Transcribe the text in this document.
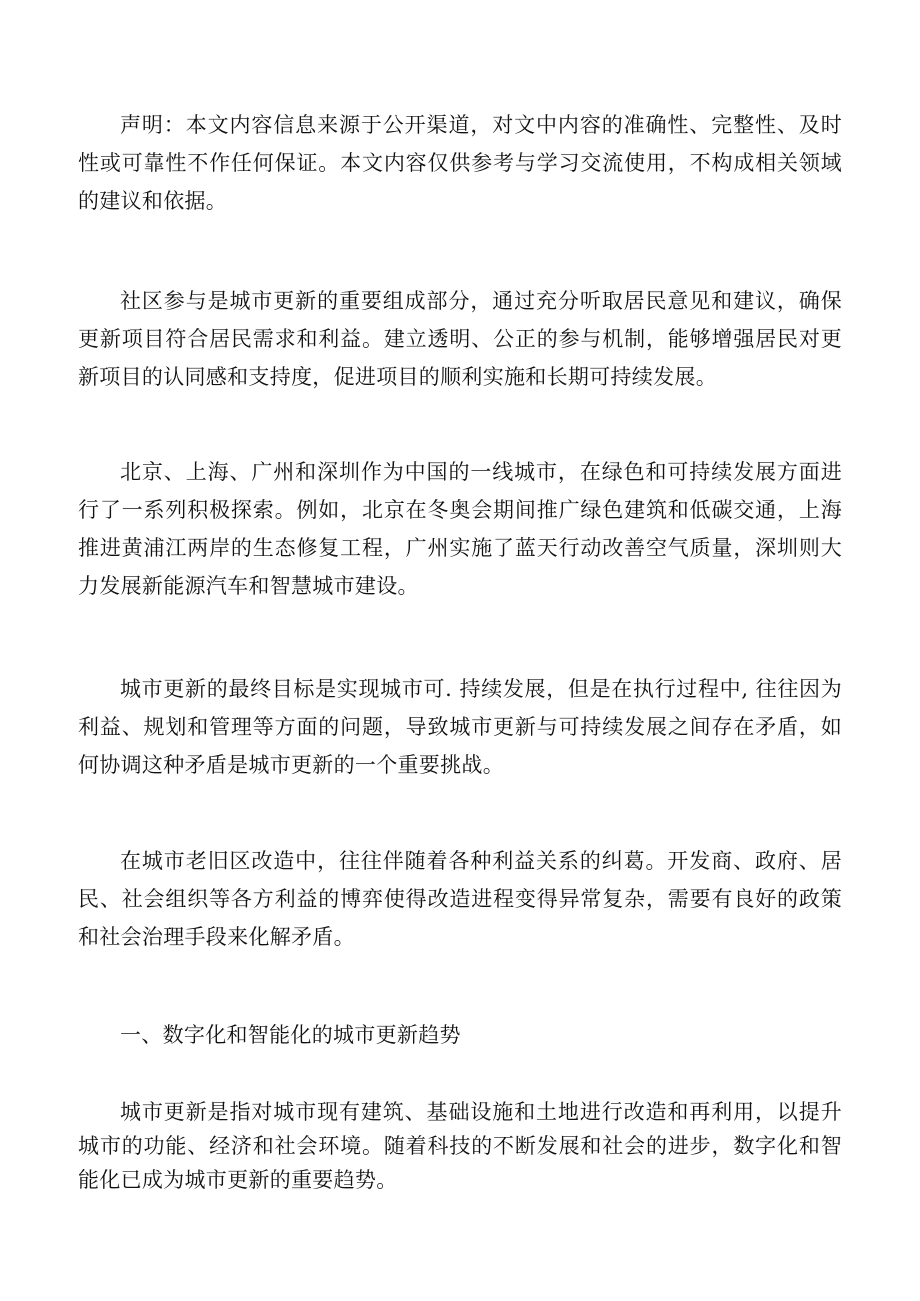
声明：本文内容信息来源于公开渠道，对文中内容的准确性、完整性、及时性或可靠性不作任何保证。本文内容仅供参考与学习交流使用，不构成相关领域的建议和依据。

社区参与是城市更新的重要组成部分，通过充分听取居民意见和建议，确保更新项目符合居民需求和利益。建立透明、公正的参与机制，能够增强居民对更新项目的认同感和支持度，促进项目的顺利实施和长期可持续发展。

北京、上海、广州和深圳作为中国的一线城市，在绿色和可持续发展方面进行了一系列积极探索。例如，北京在冬奥会期间推广绿色建筑和低碳交通，上海推进黄浦江两岸的生态修复工程，广州实施了蓝天行动改善空气质量，深圳则大力发展新能源汽车和智慧城市建设。

城市更新的最终目标是实现城市可. 持续发展，但是在执行过程中, 往往因为利益、规划和管理等方面的问题，导致城市更新与可持续发展之间存在矛盾，如何协调这种矛盾是城市更新的一个重要挑战。

在城市老旧区改造中，往往伴随着各种利益关系的纠葛。开发商、政府、居民、社会组织等各方利益的博弈使得改造进程变得异常复杂，需要有良好的政策和社会治理手段来化解矛盾。

一、数字化和智能化的城市更新趋势

城市更新是指对城市现有建筑、基础设施和土地进行改造和再利用，以提升城市的功能、经济和社会环境。随着科技的不断发展和社会的进步，数字化和智能化已成为城市更新的重要趋势。
